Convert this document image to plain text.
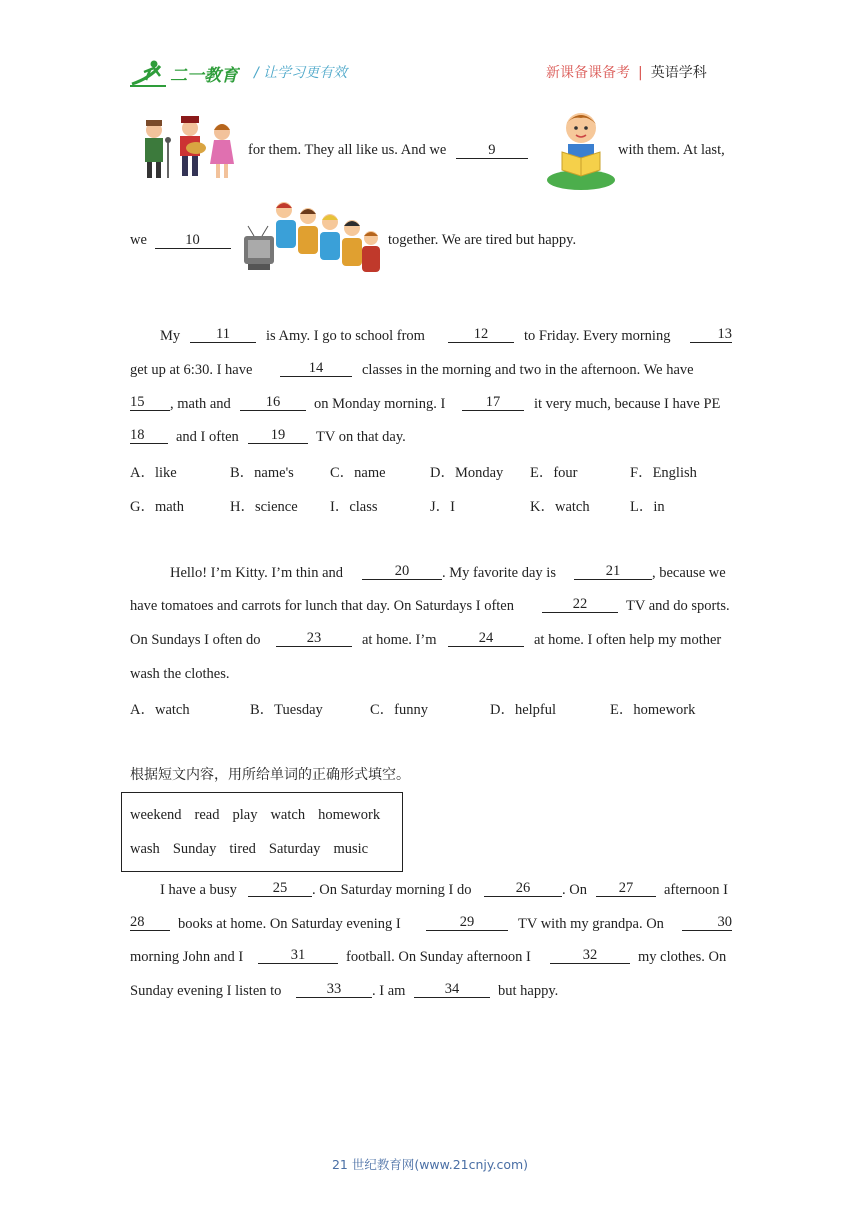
二一教育 / 让学习更有效	新课备课备考 | 英语学科
for them. They all like us. And we	9	with them. At last,
we	10	together. We are tired but happy.
My	11	is Amy. I go to school from	12	to Friday. Every morning	13
get up at 6:30. I have	14	classes in the morning and two in the afternoon. We have
15	, math and	16	on Monday morning. I	17	it very much, because I have PE
18	and I often	19	TV on that day.
A．like	B．name's C．name	D．Monday E．four	F．English
G．math	H．science I．class	J．I	K．watch	L．in
Hello! I’m Kitty. I’m thin and	20	. My favorite day is	21	, because we
have tomatoes and carrots for lunch that day. On Saturdays I often	22	TV and do sports.
On Sundays I often do	23	at home. I’m	24	at home. I often help my mother
wash the clothes.
A．watch	B．Tuesday	C．funny	D．helpful	E．homework
根据短文内容，用所给单词的正确形式填空。
weekend read play watch homework
wash Sunday tired Saturday music
I have a busy	25	. On Saturday morning I do	26	. On	27	afternoon I
28	books at home. On Saturday evening I	29	TV with my grandpa. On	30
morning John and I	31	football. On Sunday afternoon I	32	my clothes. On
Sunday evening I listen to	33	. I am	34	but happy.
21 世纪教育网(www.21cnjy.com)
